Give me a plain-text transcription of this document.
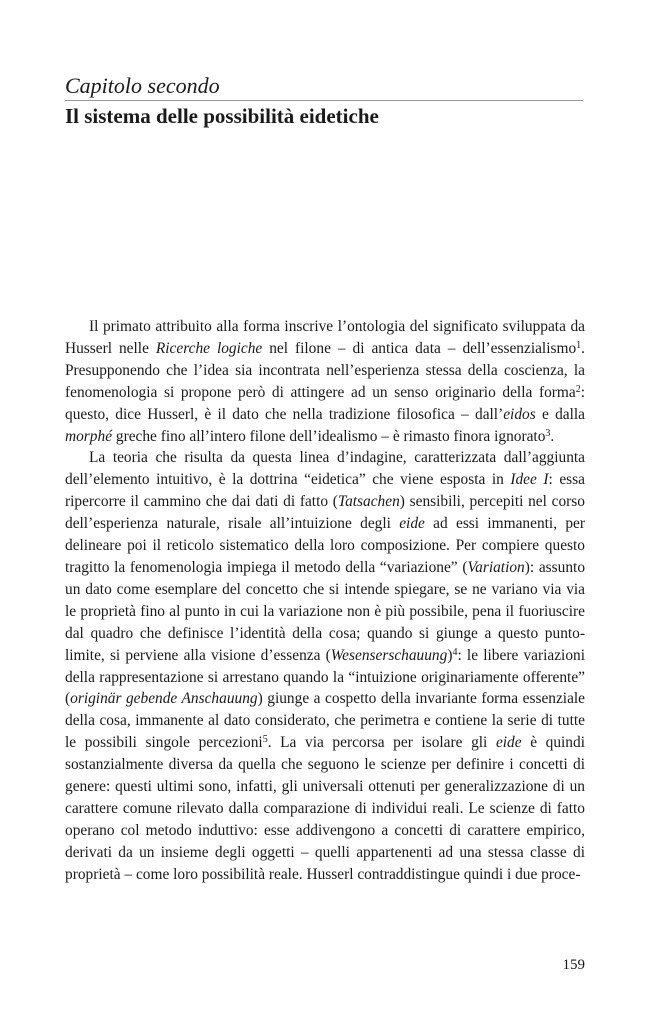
Capitolo secondo
Il sistema delle possibilità eidetiche

Il primato attribuito alla forma inscrive l’ontologia del significato sviluppata da Husserl nelle Ricerche logiche nel filone – di antica data – dell’essenzialismo$^1$. Presupponendo che l’idea sia incontrata nell’esperienza stessa della coscienza, la fenomenologia si propone però di attingere ad un senso originario della forma$^2$: questo, dice Husserl, è il dato che nella tradizione filosofica – dall’eidos e dalla morphé greche fino all’intero filone dell’idealismo – è rimasto finora ignorato$^3$.

La teoria che risulta da questa linea d’indagine, caratterizzata dall’aggiunta dell’elemento intuitivo, è la dottrina “eidetica” che viene esposta in Idee I: essa ripercorre il cammino che dai dati di fatto (Tatsachen) sensibili, percepiti nel corso dell’esperienza naturale, risale all’intuizione degli eide ad essi immanenti, per delineare poi il reticolo sistematico della loro composizione. Per compiere questo tragitto la fenomenologia impiega il metodo della “variazione” (Variation): assunto un dato come esemplare del concetto che si intende spiegare, se ne variano via via le proprietà fino al punto in cui la variazione non è più possibile, pena il fuoriuscire dal quadro che definisce l’identità della cosa; quando si giunge a questo punto-limite, si perviene alla visione d’essenza (Wesenserschauung)$^4$: le libere variazioni della rappresentazione si arrestano quando la “intuizione originariamente offerente” (originär gebende Anschauung) giunge a cospetto della invariante forma essenziale della cosa, immanente al dato considerato, che perimetra e contiene la serie di tutte le possibili singole percezioni$^5$. La via percorsa per isolare gli eide è quindi sostanzialmente diversa da quella che seguono le scienze per definire i concetti di genere: questi ultimi sono, infatti, gli universali ottenuti per generalizzazione di un carattere comune rilevato dalla comparazione di individui reali. Le scienze di fatto operano col metodo induttivo: esse addivengono a concetti di carattere empirico, derivati da un insieme degli oggetti – quelli appartenenti ad una stessa classe di proprietà – come loro possibilità reale. Husserl contraddistingue quindi i due proce-

159
